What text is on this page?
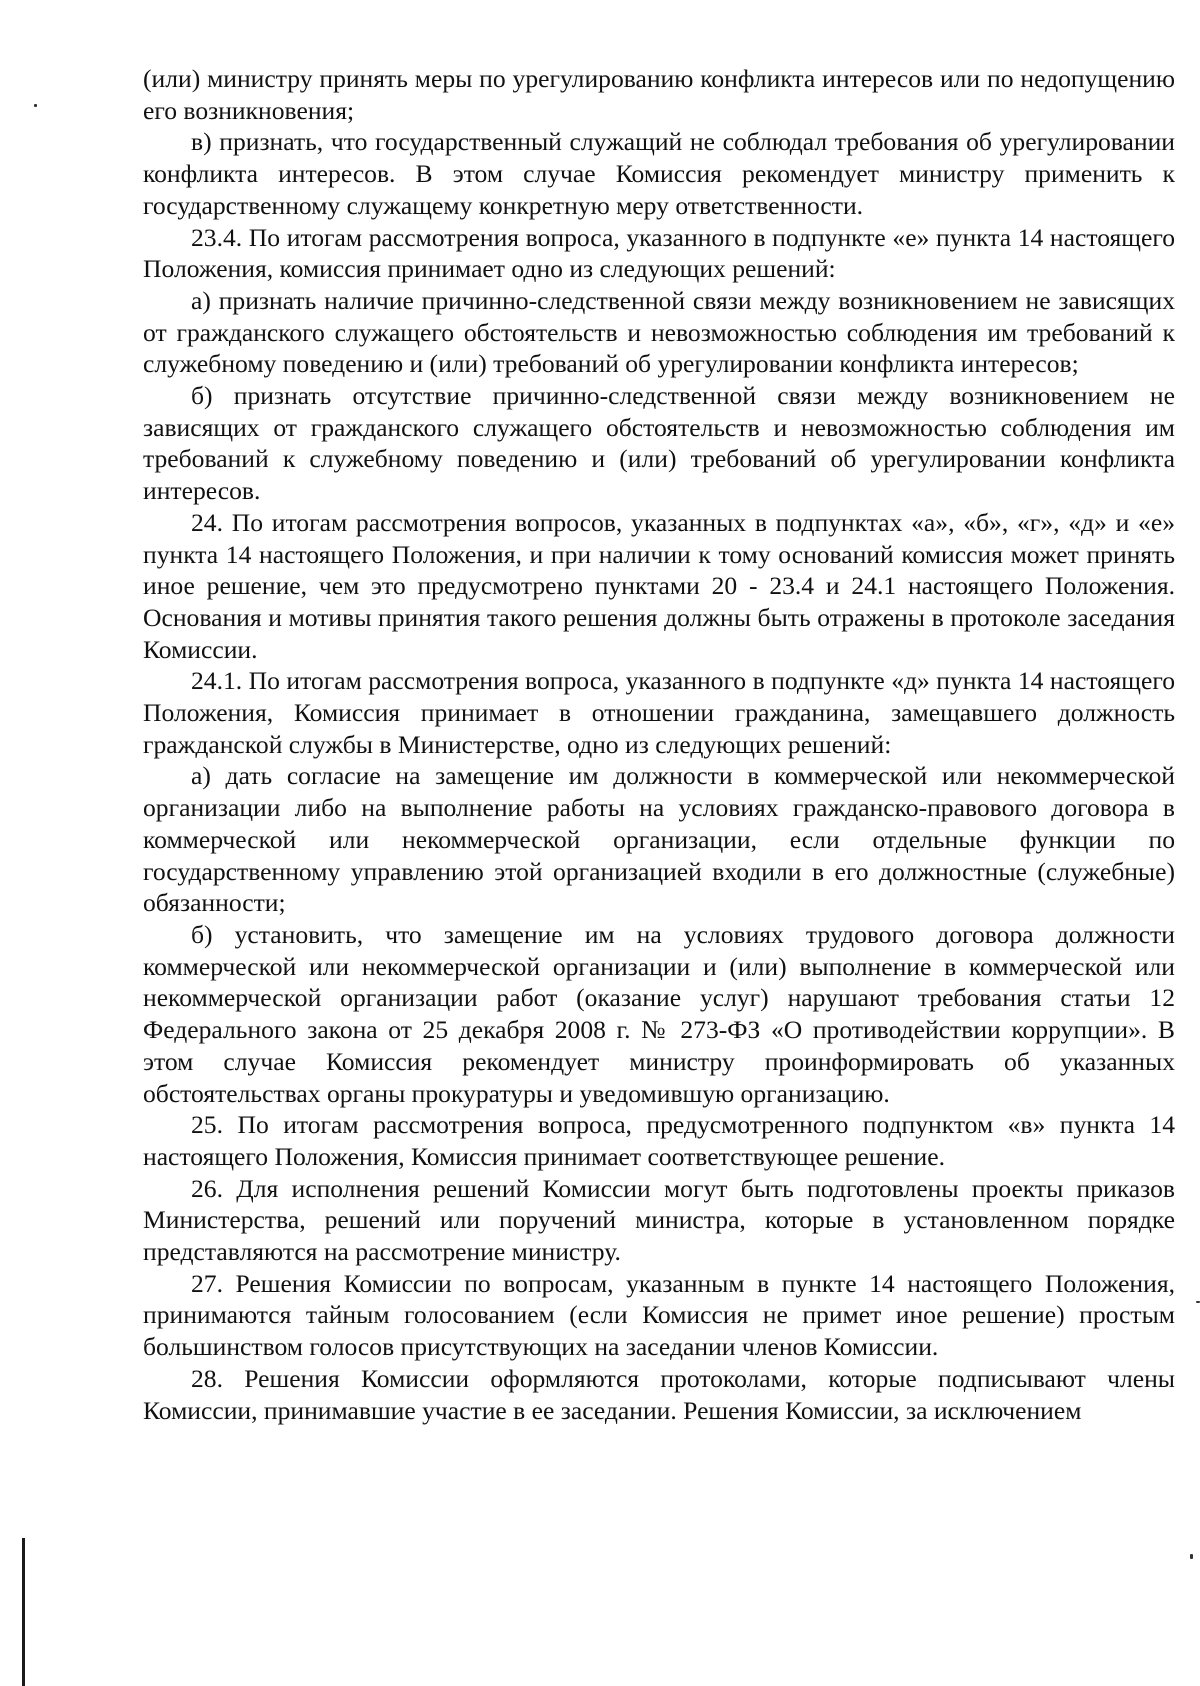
(или) министру принять меры по урегулированию конфликта интересов или по недопущению его возникновения;

в) признать, что государственный служащий не соблюдал требования об урегулировании конфликта интересов. В этом случае Комиссия рекомендует министру применить к государственному служащему конкретную меру ответственности.

23.4. По итогам рассмотрения вопроса, указанного в подпункте «е» пункта 14 настоящего Положения, комиссия принимает одно из следующих решений:

а) признать наличие причинно-следственной связи между возникновением не зависящих от гражданского служащего обстоятельств и невозможностью соблюдения им требований к служебному поведению и (или) требований об урегулировании конфликта интересов;

б) признать отсутствие причинно-следственной связи между возникновением не зависящих от гражданского служащего обстоятельств и невозможностью соблюдения им требований к служебному поведению и (или) требований об урегулировании конфликта интересов.

24. По итогам рассмотрения вопросов, указанных в подпунктах «а», «б», «г», «д» и «е» пункта 14 настоящего Положения, и при наличии к тому оснований комиссия может принять иное решение, чем это предусмотрено пунктами 20 - 23.4 и 24.1 настоящего Положения. Основания и мотивы принятия такого решения должны быть отражены в протоколе заседания Комиссии.

24.1. По итогам рассмотрения вопроса, указанного в подпункте «д» пункта 14 настоящего Положения, Комиссия принимает в отношении гражданина, замещавшего должность гражданской службы в Министерстве, одно из следующих решений:

а) дать согласие на замещение им должности в коммерческой или некоммерческой организации либо на выполнение работы на условиях гражданско-правового договора в коммерческой или некоммерческой организации, если отдельные функции по государственному управлению этой организацией входили в его должностные (служебные) обязанности;

б) установить, что замещение им на условиях трудового договора должности коммерческой или некоммерческой организации и (или) выполнение в коммерческой или некоммерческой организации работ (оказание услуг) нарушают требования статьи 12 Федерального закона от 25 декабря 2008 г. № 273-ФЗ «О противодействии коррупции». В этом случае Комиссия рекомендует министру проинформировать об указанных обстоятельствах органы прокуратуры и уведомившую организацию.

25. По итогам рассмотрения вопроса, предусмотренного подпунктом «в» пункта 14 настоящего Положения, Комиссия принимает соответствующее решение.

26. Для исполнения решений Комиссии могут быть подготовлены проекты приказов Министерства, решений или поручений министра, которые в установленном порядке представляются на рассмотрение министру.

27. Решения Комиссии по вопросам, указанным в пункте 14 настоящего Положения, принимаются тайным голосованием (если Комиссия не примет иное решение) простым большинством голосов присутствующих на заседании членов Комиссии.

28. Решения Комиссии оформляются протоколами, которые подписывают члены Комиссии, принимавшие участие в ее заседании. Решения Комиссии, за исключением
